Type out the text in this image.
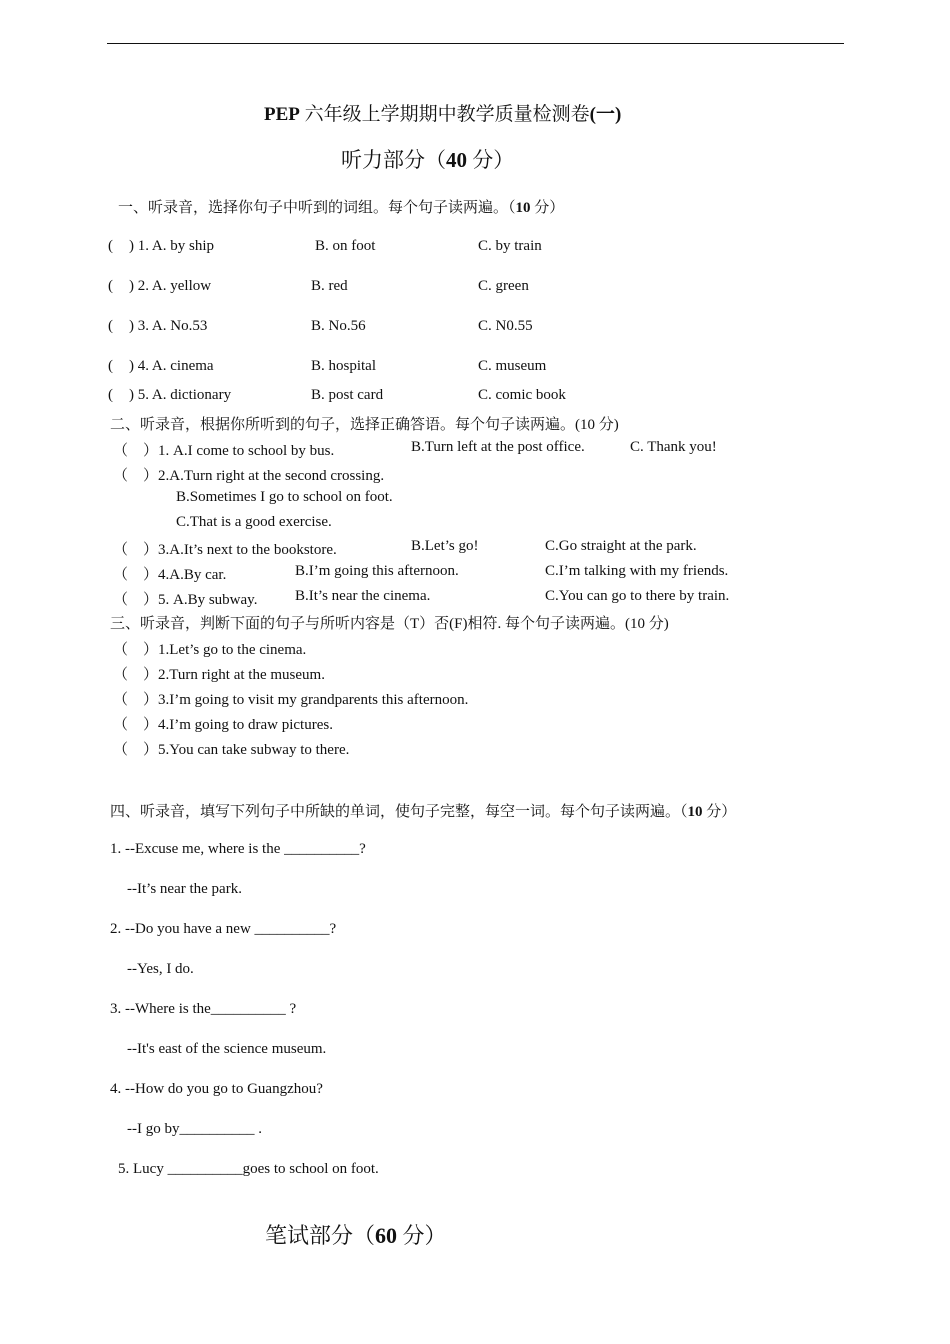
PEP 六年级上学期期中教学质量检测卷(一)
听力部分（40 分）
一、听录音，选择你句子中听到的词组。每个句子读两遍。（10 分）
( ) 1. A. by ship	B. on foot	C. by train
( ) 2. A. yellow	B. red	C. green
( ) 3. A. No.53	B. No.56	C. N0.55
( ) 4. A. cinema	B. hospital	C. museum
( ) 5. A. dictionary	B. post card	C. comic book
二、听录音，根据你所听到的句子，选择正确答语。每个句子读两遍。(10 分)
（    ）1. A.I come to school by bus.	B.Turn left at the post office.	C. Thank you!
（    ）2.A.Turn right at the second crossing.
B.Sometimes I go to school on foot.
C.That is a good exercise.
（    ）3.A.It’s next to the bookstore.	B.Let’s go!	C.Go straight at the park.
（    ）4.A.By car.	B.I’m going this afternoon.	C.I’m talking with my friends.
（    ）5. A.By subway.	B.It’s near the cinema.	C.You can go to there by train.
三、听录音，判断下面的句子与所听内容是（T）否(F)相符. 每个句子读两遍。(10 分)
（    ）1.Let’s go to the cinema.
（    ）2.Turn right at the museum.
（    ）3.I’m going to visit my grandparents this afternoon.
（    ）4.I’m going to draw pictures.
（    ）5.You can take subway to there.
四、听录音，填写下列句子中所缺的单词，使句子完整，每空一词。每个句子读两遍。（10 分）
1. --Excuse me, where is the __________?
--It’s near the park.
2. --Do you have a new __________?
--Yes, I do.
3. --Where is the__________ ?
--It's east of the science museum.
4. --How do you go to Guangzhou?
--I go by__________ .
5. Lucy __________goes to school on foot.
笔试部分（60 分）
